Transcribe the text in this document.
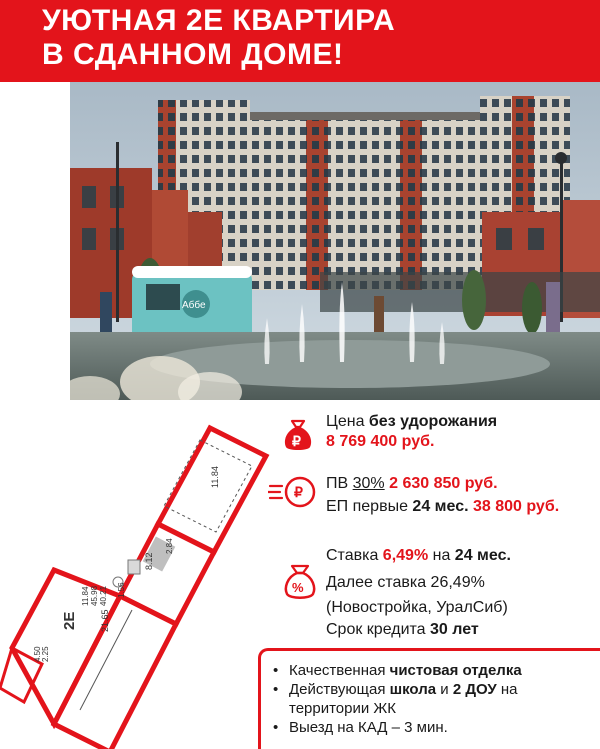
УЮТНАЯ 2Е КВАРТИРА
В СДАННОМ ДОМЕ!
Аббе
₽
Цена без удорожания
8 769 400 руб.
₽ ПВ 30% 2 630 850 руб.
ЕП первые 24 мес. 38 800 руб.
%
Ставка 6,49% на 24 мес.
Далее ставка 26,49%
(Новостройка, УралСиб)
Срок кредита 30 лет
• Качественная чистовая отделка
• Действующая школа и 2 ДОУ на
территории ЖК
• Выезд на КАД – 3 мин.
11.84
8.12
2.84
1.56
2Е
11.84 45.98 40.21
21.65
4.50 2.25
